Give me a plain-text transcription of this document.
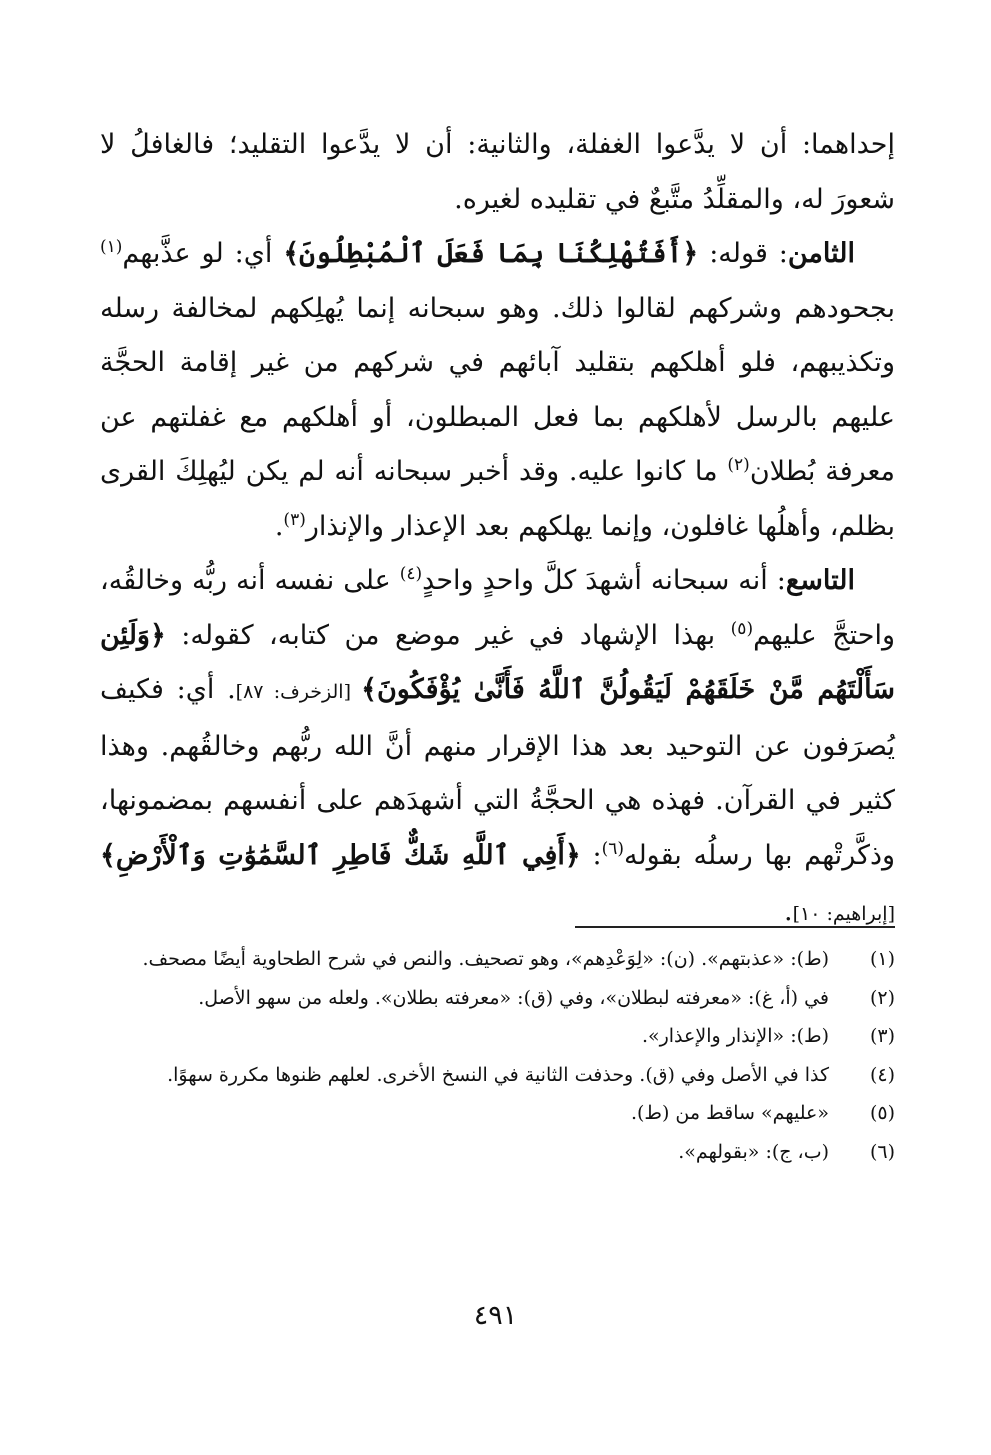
إحداهما: أن لا يدَّعوا الغفلة، والثانية: أن لا يدَّعوا التقليد؛ فالغافلُ لا شعورَ له، والمقلِّدُ متَّبعٌ في تقليده لغيره.

الثامن: قوله: ﴿أَفَتُهْلِكُنَا بِمَا فَعَلَ ٱلْمُبْطِلُونَ﴾ أي: لو عذَّبهم$^{(١)}$ بجحودهم وشركهم لقالوا ذلك. وهو سبحانه إنما يُهلِكهم لمخالفة رسله وتكذيبهم، فلو أهلكهم بتقليد آبائهم في شركهم من غير إقامة الحجَّة عليهم بالرسل لأهلكهم بما فعل المبطلون، أو أهلكهم مع غفلتهم عن معرفة بُطلان$^{(٢)}$ ما كانوا عليه. وقد أخبر سبحانه أنه لم يكن ليُهلِكَ القرى بظلم، وأهلُها غافلون، وإنما يهلكهم بعد الإعذار والإنذار$^{(٣)}$.

التاسع: أنه سبحانه أشهدَ كلَّ واحدٍ واحدٍ$^{(٤)}$ على نفسه أنه ربُّه وخالقُه، واحتجَّ عليهم$^{(٥)}$ بهذا الإشهاد في غير موضع من كتابه، كقوله: ﴿وَلَئِن سَأَلْتَهُم مَّنْ خَلَقَهُمْ لَيَقُولُنَّ ٱللَّهُ فَأَنَّىٰ يُؤْفَكُونَ﴾ [الزخرف: ٨٧]. أي: فكيف يُصرَفون عن التوحيد بعد هذا الإقرار منهم أنَّ الله ربُّهم وخالقُهم. وهذا كثير في القرآن. فهذه هي الحجَّةُ التي أشهدَهم على أنفسهم بمضمونها، وذكَّرتْهم بها رسلُه بقوله$^{(٦)}$: ﴿أَفِي ٱللَّهِ شَكٌّ فَاطِرِ ٱلسَّمَٰوَٰتِ وَٱلْأَرْضِ﴾ [إبراهيم: ١٠].

(١)
(ط): «عذبتهم». (ن): «لِوَعْدِهم»، وهو تصحيف. والنص في شرح الطحاوية أيضًا مصحف.
(٢)
في (أ، غ): «معرفته لبطلان»، وفي (ق): «معرفته بطلان». ولعله من سهو الأصل.
(٣)
(ط): «الإنذار والإعذار».
(٤)
كذا في الأصل وفي (ق). وحذفت الثانية في النسخ الأخرى. لعلهم ظنوها مكررة سهوًا.
(٥)
«عليهم» ساقط من (ط).
(٦)
(ب، ج): «بقولهم».
٤٩١
